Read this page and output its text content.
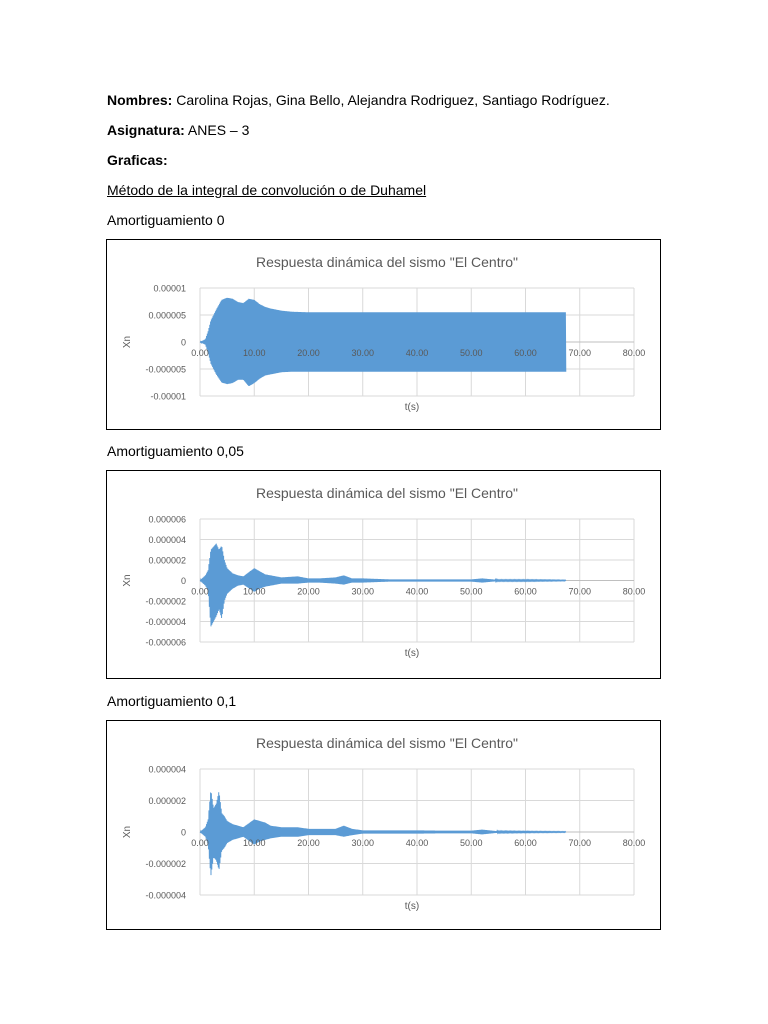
Nombres: Carolina Rojas, Gina Bello, Alejandra Rodriguez, Santiago Rodríguez.
Asignatura: ANES – 3
Graficas:
Método de la integral de convolución o de Duhamel
Amortiguamiento 0
Respuesta dinámica del sismo "El Centro"
0.00001
0.000005
0
-0.000005
-0.00001
0.00	10.00	20.00	30.00	40.00	50.00	60.00	70.00	80.00
t(s)
Xn
Amortiguamiento 0,05
Respuesta dinámica del sismo "El Centro"
0.000006
0.000004
0.000002
0
-0.000002
-0.000004
-0.000006
0.00	10.00	20.00	30.00	40.00	50.00	60.00	70.00	80.00
t(s)
Xn
Amortiguamiento 0,1
Respuesta dinámica del sismo "El Centro"
0.000004
0.000002
0
-0.000002
-0.000004
0.00	10.00	20.00	30.00	40.00	50.00	60.00	70.00	80.00
t(s)
Xn
